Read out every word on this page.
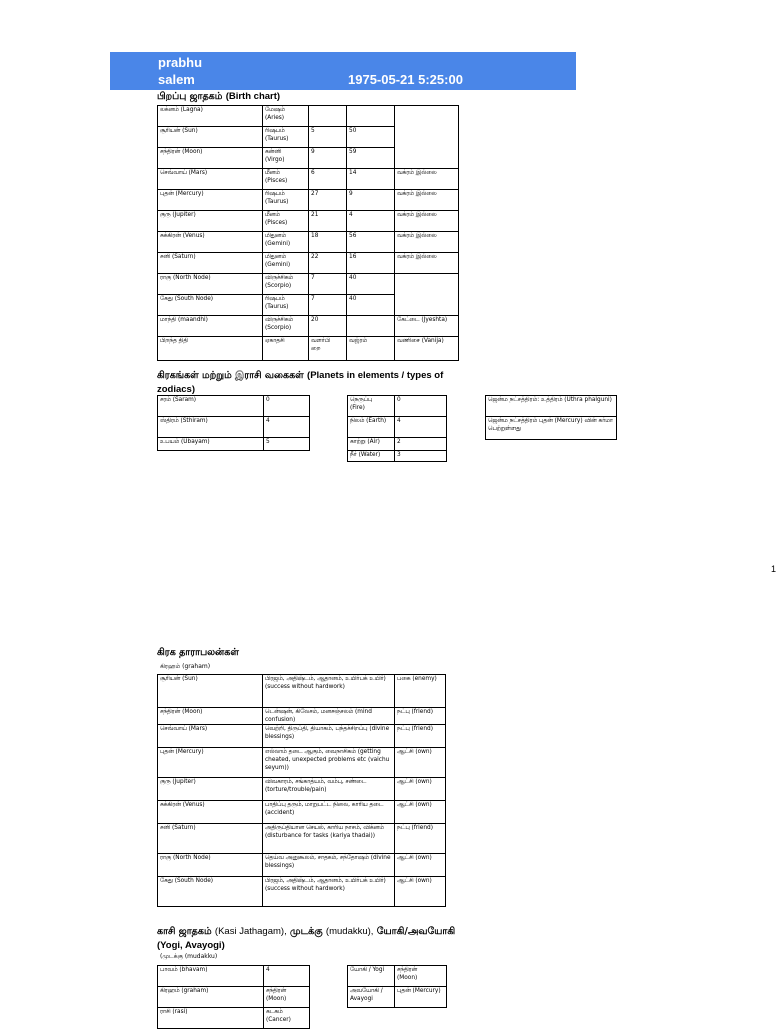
prabhu
salem	1975-05-21 5:25:00
பிறப்பு ஜாதகம் (Birth chart)
லக்னம் (Lagna)	மேஷம்
(Aries)			
சூரியன் (Sun)	ரிஷபம்
(Taurus)	5	50	
சந்திரன் (Moon)	கன்னி
(Virgo)	9	59	
செவ்வாய் (Mars)	மீனம்
(Pisces)	6	14	வக்ரம் இல்லை
புதன் (Mercury)	ரிஷபம்
(Taurus)	27	9	வக்ரம் இல்லை
குரு (Jupiter)	மீனம்
(Pisces)	21	4	வக்ரம் இல்லை
சுக்கிரன் (Venus)	மிதுனம்
(Gemini)	18	56	வக்ரம் இல்லை
சனி (Saturn)	மிதுனம்
(Gemini)	22	16	வக்ரம் இல்லை
ராகு (North Node)	விருச்சிகம்
(Scorpio)	7	40	
கேது (South Node)	ரிஷபம்
(Taurus)	7	40	
மாந்தி (maandhi)	விருச்சிகம்
(Scorpio)	20		கேட்டை (Jyeshta)
பிறந்த திதி	ஏகாதசி	வளர்பி
றை	வஜ்ரம்	வணிசை (Vanija)
கிரகங்கள் மற்றும் இராசி வகைகள் (Planets in elements / types of
zodiacs)
சரம் (Saram)	0
ஸ்திரம் (Sthiram)	4
உபயம் (Ubayam)	5
நெருப்பு
(Fire)	0
நிலம் (Earth)	4
காற்று (Air)	2
நீர் (Water)	3
ஜென்ம நட்சத்திரம்: உத்திரம் (Uthra phalguni)
ஜென்ம நட்சத்திரம் புதன் (Mercury) வின் கர்மா பெற்றுள்ளது
1
கிரக தாராபலன்கள்
கிரஹம் (graham)
சூரியன் (Sun)	பிரஜம், அதிஷ்டம், ஆதானம், உயிர்பக் உயிர்) (success without hardwork)	பகை (enemy)
சந்திரன் (Moon)	டென்ஷன், கிலேசம், மனசஞ்சலம் (mind confusion)	நட்பு (friend)
செவ்வாய் (Mars)	வெற்றி, திருப்தி, தியாகம், பந்தச்சிறப்பு (divine blessings)	நட்பு (friend)
புதன் (Mercury)	எல்லாம் தடை ஆகும், வைநாசிகம் (getting cheated, unexpected problems etc (vaichu seyum))	ஆட்சி (own)
குரு (Jupiter)	விவகாரம், சங்காத்யம், வம்பு, சண்டை (torture/trouble/pain)	ஆட்சி (own)
சுக்கிரன் (Venus)	பாதிப்பு தரும், மாறுபட்ட நிலை, காரிய தடை (accident)	ஆட்சி (own)
சனி (Saturn)	அதிருப்தியான செயல், காரிய நாசம், விக்னம் (disturbance for tasks (kariya thadai))	நட்பு (friend)
ராகு (North Node)	தெய்வ அனுகூலம், சாதகம், சந்தோஷம் (divine blessings)	ஆட்சி (own)
கேது (South Node)	பிரஜம், அதிஷ்டம், ஆதானம், உயிர்பக் உயிர்) (success without hardwork)	ஆட்சி (own)
காசி ஜாதகம் (Kasi Jathagam), முடக்கு (mudakku), யோகி/அவயோகி
(Yogi, Avayogi)
(முடக்கு (mudakku)
பாவம் (bhavam)	4
கிரஹம் (graham)	சந்திரன்
(Moon)
ராசி (rasi)	கடகம்
(Cancer)
யோகி / Yogi	சந்திரன்
(Moon)
அவயோகி /
Avayogi	புதன் (Mercury)
